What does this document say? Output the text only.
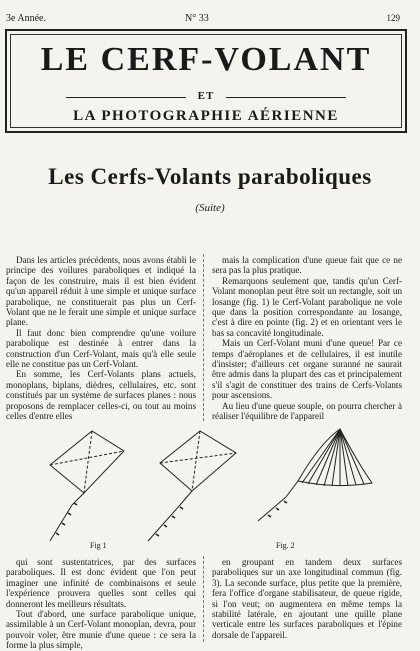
3e Année.	N° 33	129
LE CERF-VOLANT
ET
LA PHOTOGRAPHIE AÉRIENNE
Les Cerfs-Volants paraboliques
(Suite)

Dans les articles précédents, nous avons établi le principe des voilures paraboliques et indiqué la façon de les construire, mais il est bien évident qu'un appareil réduit à une simple et unique surface parabolique, ne constituerait pas plus un Cerf-Volant que ne le ferait une simple et unique surface plane.

Il faut donc bien comprendre qu'une voilure parabolique est destinée à entrer dans la construction d'un Cerf-Volant, mais qu'à elle seule elle ne constitue pas un Cerf-Volant.

En somme, les Cerf-Volants plans actuels, monoplans, biplans, dièdres, cellulaires, etc. sont constitués par un système de surfaces planes : nous proposons de remplacer celles-ci, ou tout au moins celles d'entre elles

mais la complication d'une queue fait que ce ne sera pas la plus pratique.

Remarquons seulement que, tandis qu'un Cerf-Volant monoplan peut être soit un rectangle, soit un losange (fig. 1) le Cerf-Volant parabolique ne vole que dans la position correspondante au losange, c'est à dire en pointe (fig. 2) et en orientant vers le bas sa concavité longitudinale.

Mais un Cerf-Volant muni d'une queue! Par ce temps d'aéroplanes et de cellulaires, il est inutile d'insister; d'ailleurs cet organe suranné ne saurait être admis dans la plupart des cas et principalement s'il s'agit de constituer des trains de Cerfs-Volants pour ascensions.

Au lieu d'une queue souple, on pourra chercher à réaliser l'équilibre de l'appareil

Fig 1	Fig. 2

qui sont sustentatrices, par des surfaces paraboliques. Il est donc évident que l'on peut imaginer une infinité de combinaisons et seule l'expérience prouvera quelles sont celles qui donneront les meilleurs résultats.

Tout d'abord, une surface parabolique unique, assimilable à un Cerf-Volant monoplan, devra, pour pouvoir voler, être munie d'une queue : ce sera la forme la plus simple,

en groupant en tandem deux surfaces paraboliques sur un axe longitudinal commun (fig. 3). La seconde surface, plus petite que la première, fera l'office d'organe stabilisateur, de queue rigide, si l'on veut; on augmentera en même temps la stabilité latérale, en ajoutant une quille plane verticale entre les surfaces paraboliques et l'épine dorsale de l'appareil.
